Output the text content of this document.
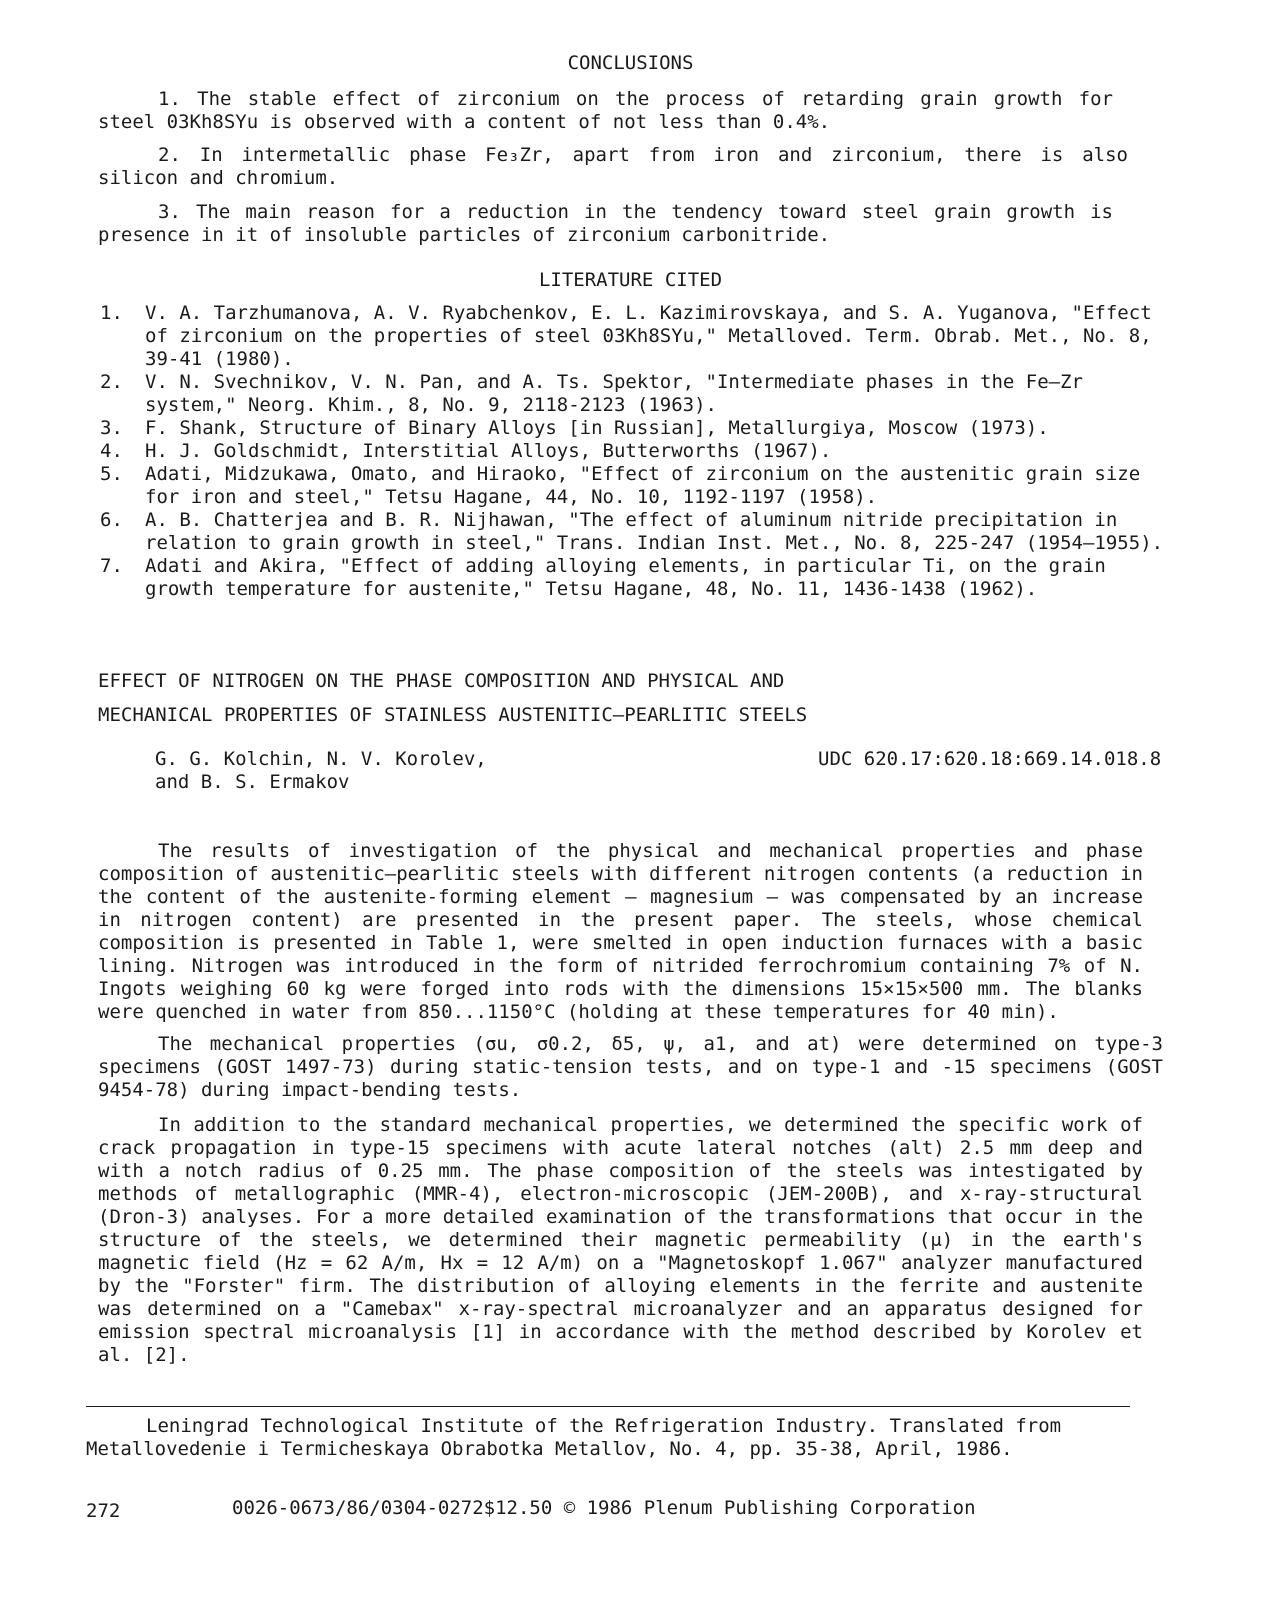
CONCLUSIONS
1. The stable effect of zirconium on the process of retarding grain growth for steel 03Kh8SYu is observed with a content of not less than 0.4%.
2. In intermetallic phase Fe₃Zr, apart from iron and zirconium, there is also silicon and chromium.
3. The main reason for a reduction in the tendency toward steel grain growth is presence in it of insoluble particles of zirconium carbonitride.
LITERATURE CITED
1.	V. A. Tarzhumanova, A. V. Ryabchenkov, E. L. Kazimirovskaya, and S. A. Yuganova, "Effect of zirconium on the properties of steel 03Kh8SYu," Metalloved. Term. Obrab. Met., No. 8, 39-41 (1980).
2.	V. N. Svechnikov, V. N. Pan, and A. Ts. Spektor, "Intermediate phases in the Fe–Zr system," Neorg. Khim., 8, No. 9, 2118-2123 (1963).
3.	F. Shank, Structure of Binary Alloys [in Russian], Metallurgiya, Moscow (1973).
4.	H. J. Goldschmidt, Interstitial Alloys, Butterworths (1967).
5.	Adati, Midzukawa, Omato, and Hiraoko, "Effect of zirconium on the austenitic grain size for iron and steel," Tetsu Hagane, 44, No. 10, 1192-1197 (1958).
6.	A. B. Chatterjea and B. R. Nijhawan, "The effect of aluminum nitride precipitation in relation to grain growth in steel," Trans. Indian Inst. Met., No. 8, 225-247 (1954–1955).
7.	Adati and Akira, "Effect of adding alloying elements, in particular Ti, on the grain growth temperature for austenite," Tetsu Hagane, 48, No. 11, 1436-1438 (1962).
EFFECT OF NITROGEN ON THE PHASE COMPOSITION AND PHYSICAL AND
MECHANICAL PROPERTIES OF STAINLESS AUSTENITIC—PEARLITIC STEELS
G. G. Kolchin, N. V. Korolev,
and B. S. Ermakov
UDC 620.17:620.18:669.14.018.8
The results of investigation of the physical and mechanical properties and phase composition of austenitic—pearlitic steels with different nitrogen contents (a reduction in the content of the austenite-forming element — magnesium — was compensated by an increase in nitrogen content) are presented in the present paper. The steels, whose chemical composition is presented in Table 1, were smelted in open induction furnaces with a basic lining. Nitrogen was introduced in the form of nitrided ferrochromium containing 7% of N. Ingots weighing 60 kg were forged into rods with the dimensions 15×15×500 mm. The blanks were quenched in water from 850...1150°C (holding at these temperatures for 40 min).
The mechanical properties (σu, σ0.2, δ5, ψ, a1, and at) were determined on type-3 specimens (GOST 1497-73) during static-tension tests, and on type-1 and -15 specimens (GOST 9454-78) during impact-bending tests.
In addition to the standard mechanical properties, we determined the specific work of crack propagation in type-15 specimens with acute lateral notches (alt) 2.5 mm deep and with a notch radius of 0.25 mm. The phase composition of the steels was intestigated by methods of metallographic (MMR-4), electron-microscopic (JEM-200B), and x-ray-structural (Dron-3) analyses. For a more detailed examination of the transformations that occur in the structure of the steels, we determined their magnetic permeability (μ) in the earth's magnetic field (Hz = 62 A/m, Hx = 12 A/m) on a "Magnetoskopf 1.067" analyzer manufactured by the "Forster" firm. The distribution of alloying elements in the ferrite and austenite was determined on a "Camebax" x-ray-spectral microanalyzer and an apparatus designed for emission spectral microanalysis [1] in accordance with the method described by Korolev et al. [2].
Leningrad Technological Institute of the Refrigeration Industry. Translated from Metallovedenie i Termicheskaya Obrabotka Metallov, No. 4, pp. 35-38, April, 1986.
272	0026-0673/86/0304-0272$12.50 © 1986 Plenum Publishing Corporation
